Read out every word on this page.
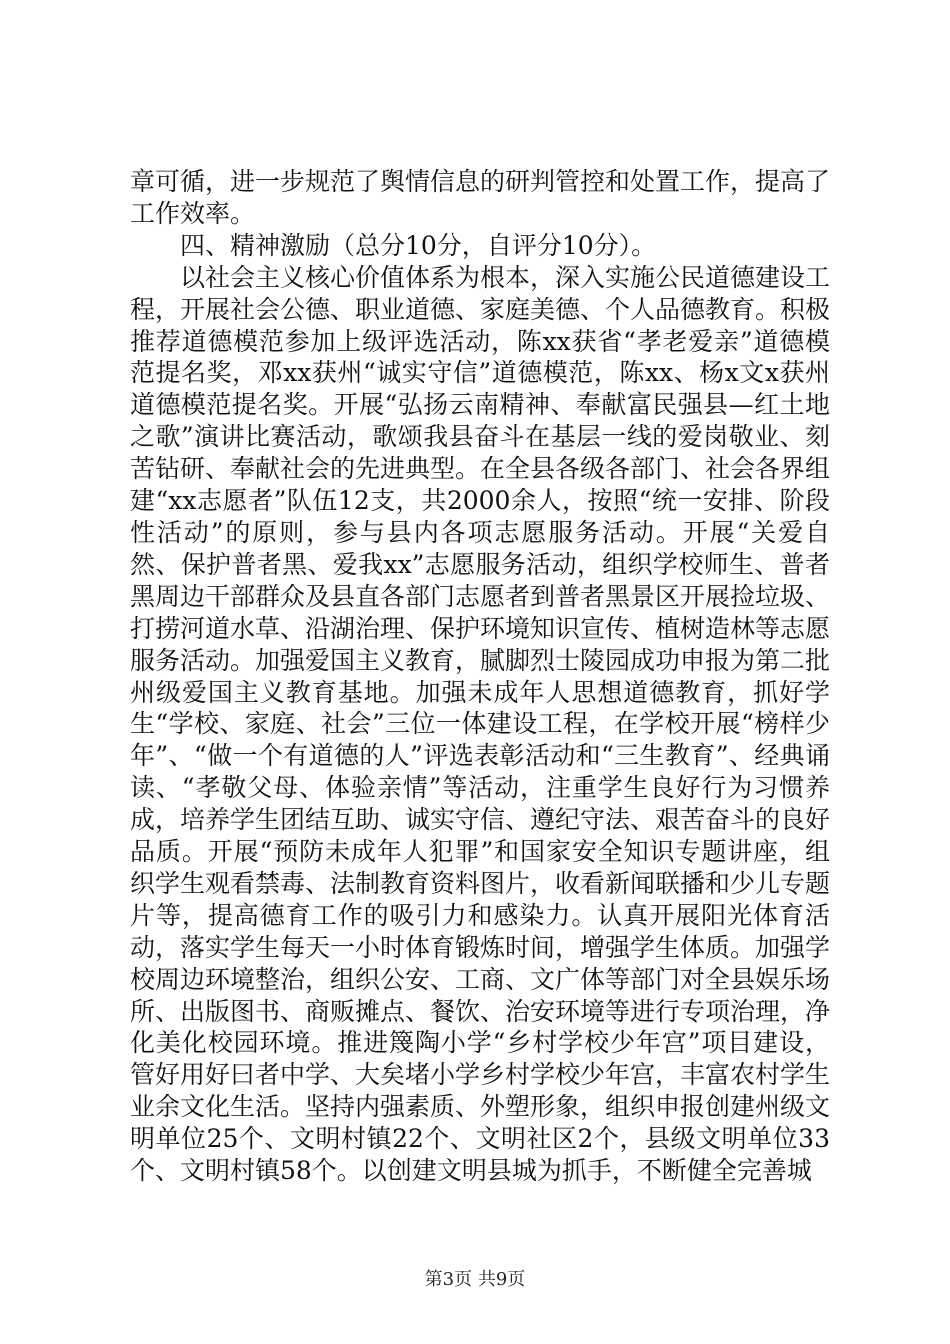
章可循，进一步规范了舆情信息的研判管控和处置工作，提高了工作效率。

四、精神激励（总分10分，自评分10分）。

以社会主义核心价值体系为根本，深入实施公民道德建设工程，开展社会公德、职业道德、家庭美德、个人品德教育。积极推荐道德模范参加上级评选活动，陈xx获省“孝老爱亲”道德模范提名奖，邓xx获州“诚实守信”道德模范，陈xx、杨x文x获州道德模范提名奖。开展“弘扬云南精神、奉献富民强县—红土地之歌”演讲比赛活动，歌颂我县奋斗在基层一线的爱岗敬业、刻苦钻研、奉献社会的先进典型。在全县各级各部门、社会各界组建“xx志愿者”队伍12支，共2000余人，按照“统一安排、阶段性活动”的原则，参与县内各项志愿服务活动。开展“关爱自然、保护普者黑、爱我xx”志愿服务活动，组织学校师生、普者黑周边干部群众及县直各部门志愿者到普者黑景区开展捡垃圾、打捞河道水草、沿湖治理、保护环境知识宣传、植树造林等志愿服务活动。加强爱国主义教育，腻脚烈士陵园成功申报为第二批州级爱国主义教育基地。加强未成年人思想道德教育，抓好学生“学校、家庭、社会”三位一体建设工程，在学校开展“榜样少年”、“做一个有道德的人”评选表彰活动和“三生教育”、经典诵读、“孝敬父母、体验亲情”等活动，注重学生良好行为习惯养成，培养学生团结互助、诚实守信、遵纪守法、艰苦奋斗的良好品质。开展“预防未成年人犯罪”和国家安全知识专题讲座，组织学生观看禁毒、法制教育资料图片，收看新闻联播和少儿专题片等，提高德育工作的吸引力和感染力。认真开展阳光体育活动，落实学生每天一小时体育锻炼时间，增强学生体质。加强学校周边环境整治，组织公安、工商、文广体等部门对全县娱乐场所、出版图书、商贩摊点、餐饮、治安环境等进行专项治理，净化美化校园环境。推进篾陶小学“乡村学校少年宫”项目建设，管好用好曰者中学、大矣堵小学乡村学校少年宫，丰富农村学生业余文化生活。坚持内强素质、外塑形象，组织申报创建州级文明单位25个、文明村镇22个、文明社区2个，县级文明单位33个、文明村镇58个。以创建文明县城为抓手，不断健全完善城

第3页 共9页
